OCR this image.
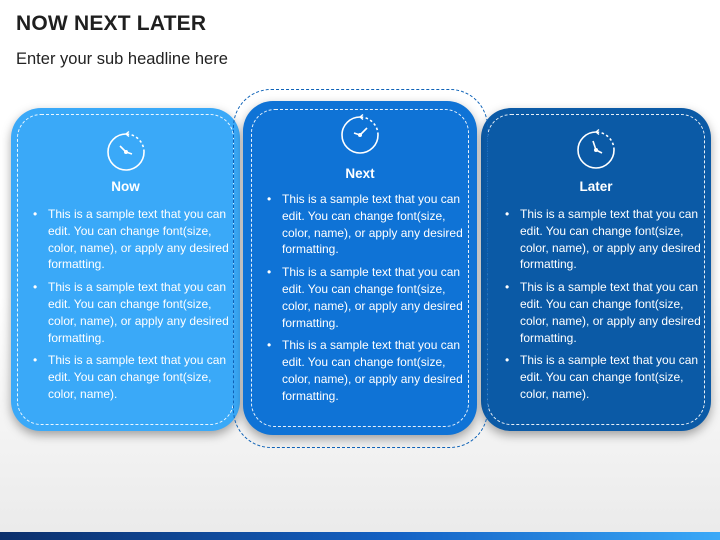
NOW NEXT LATER
Enter your sub headline here
Now
• This is a sample text that you can edit. You can change font(size, color, name), or apply any desired formatting.
• This is a sample text that you can edit. You can change font(size, color, name), or apply any desired formatting.
• This is a sample text that you can edit. You can change font(size, color, name).
Next
• This is a sample text that you can edit. You can change font(size, color, name), or apply any desired formatting.
• This is a sample text that you can edit. You can change font(size, color, name), or apply any desired formatting.
• This is a sample text that you can edit. You can change font(size, color, name), or apply any desired formatting.
Later
• This is a sample text that you can edit. You can change font(size, color, name), or apply any desired formatting.
• This is a sample text that you can edit. You can change font(size, color, name), or apply any desired formatting.
• This is a sample text that you can edit. You can change font(size, color, name).
